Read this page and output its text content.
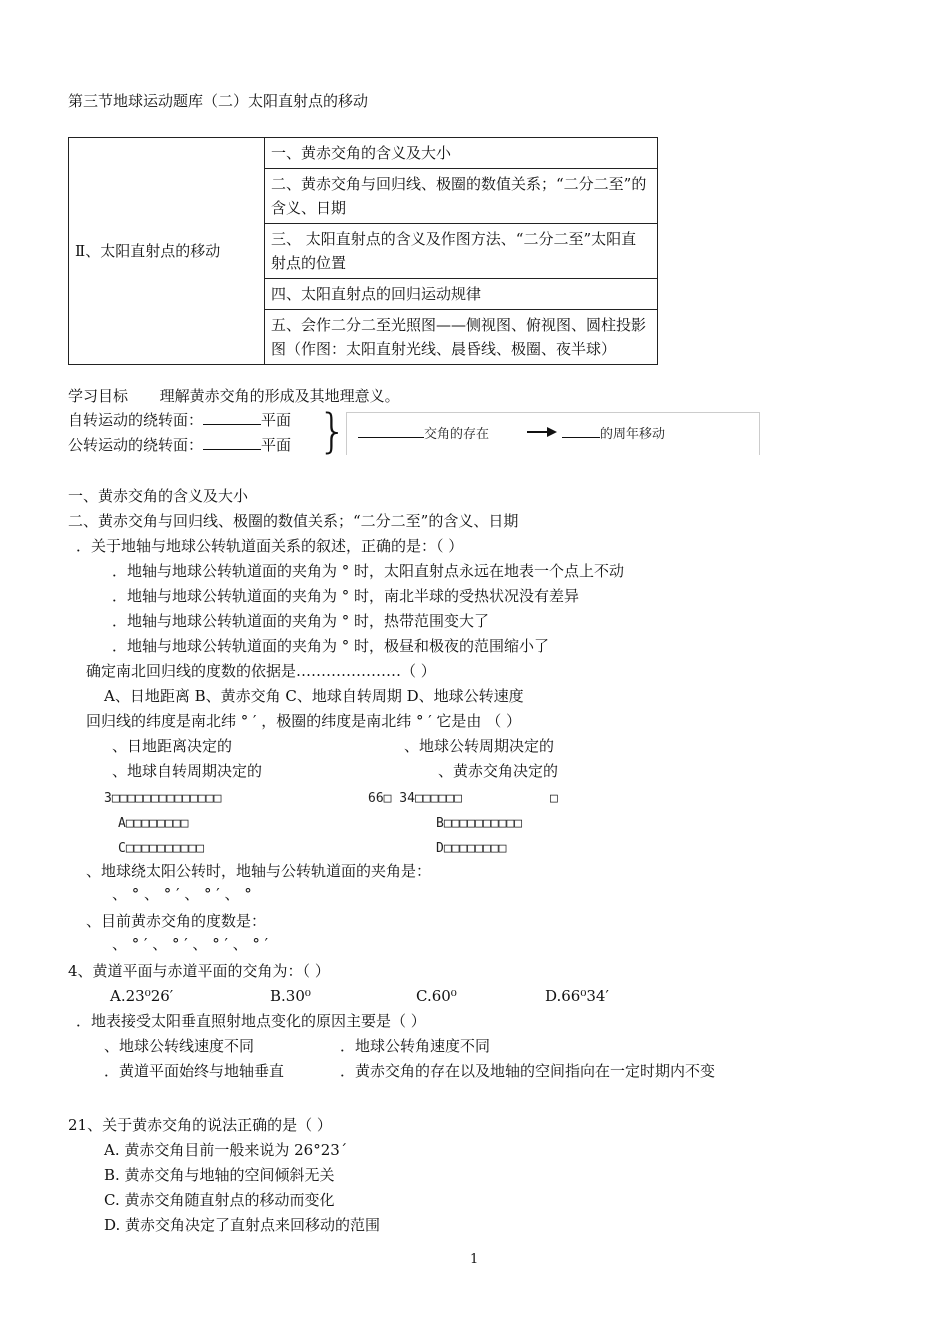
第三节地球运动题库（二）太阳直射点的移动
Ⅱ、太阳直射点的移动	一、黄赤交角的含义及大小
二、黄赤交角与回归线、极圈的数值关系；“二分二至”的含义、日期
三、 太阳直射点的含义及作图方法、“二分二至”太阳直射点的位置
四、太阳直射点的回归运动规律
五、会作二分二至光照图——侧视图、俯视图、圆柱投影图（作图：太阳直射光线、晨昏线、极圈、夜半球）
学习目标 理解黄赤交角的形成及其地理意义。
自转运动的绕转面：	平面
公转运动的绕转面：	平面 }	交角的存在	的周年移动
一、黄赤交角的含义及大小
二、黄赤交角与回归线、极圈的数值关系；“二分二至”的含义、日期
．关于地轴与地球公转轨道面关系的叙述，正确的是：（ ）
．地轴与地球公转轨道面的夹角为 ° 时，太阳直射点永远在地表一个点上不动
．地轴与地球公转轨道面的夹角为 ° 时，南北半球的受热状况没有差异
．地轴与地球公转轨道面的夹角为 ° 时，热带范围变大了
．地轴与地球公转轨道面的夹角为 ° 时，极昼和极夜的范围缩小了
确定南北回归线的度数的依据是…………………（ ）
A、日地距离 B、黄赤交角 C、地球自转周期 D、地球公转速度
回归线的纬度是南北纬 ° ′ ，极圈的纬度是南北纬 ° ′ 它是由 （ ）
、日地距离决定的	、地球公转周期决定的
、地球自转周期决定的	、黄赤交角决定的
3□□□□□□□□□□□□□□	66□ 34□□□□□□	□
A□□□□□□□□	B□□□□□□□□□□
C□□□□□□□□□□	D□□□□□□□□
、地球绕太阳公转时，地轴与公转轨道面的夹角是：
、 ° 、 ° ′ 、 ° ′ 、 °
、目前黄赤交角的度数是：
、 ° ′ 、 ° ′ 、 ° ′ 、 ° ′
4、黄道平面与赤道平面的交角为：（ ）
A.23⁰26′	B.30⁰	C.60⁰	D.66⁰34′
．地表接受太阳垂直照射地点变化的原因主要是（ ）
、地球公转线速度不同	．地球公转角速度不同
．黄道平面始终与地轴垂直	．黄赤交角的存在以及地轴的空间指向在一定时期内不变
21、关于黄赤交角的说法正确的是（ ）
A. 黄赤交角目前一般来说为 26°23´
B. 黄赤交角与地轴的空间倾斜无关
C. 黄赤交角随直射点的移动而变化
D. 黄赤交角决定了直射点来回移动的范围
1
